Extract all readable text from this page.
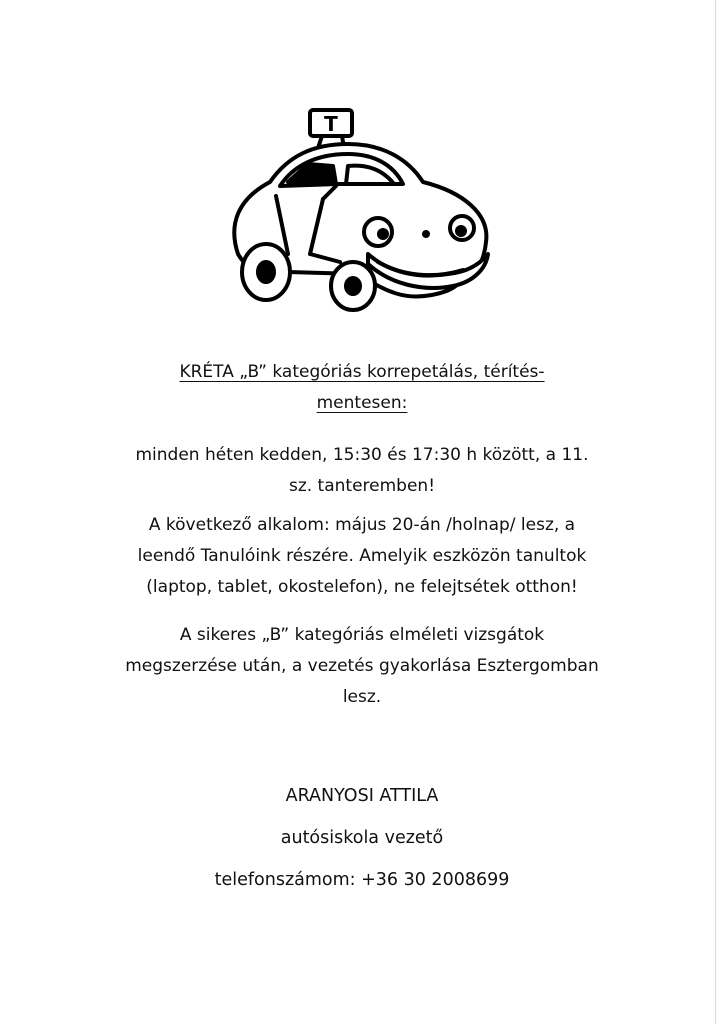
T
KRÉTA „B” kategóriás korrepetálás, térítés-
mentesen:
minden héten kedden, 15:30 és 17:30 h között, a 11.
sz. tanteremben!
A következő alkalom: május 20-án /holnap/ lesz, a
leendő Tanulóink részére. Amelyik eszközön tanultok
(laptop, tablet, okostelefon), ne felejtsétek otthon!
A sikeres „B” kategóriás elméleti vizsgátok
megszerzése után, a vezetés gyakorlása Esztergomban
lesz.
ARANYOSI ATTILA
autósiskola vezető
telefonszámom: +36 30 2008699
